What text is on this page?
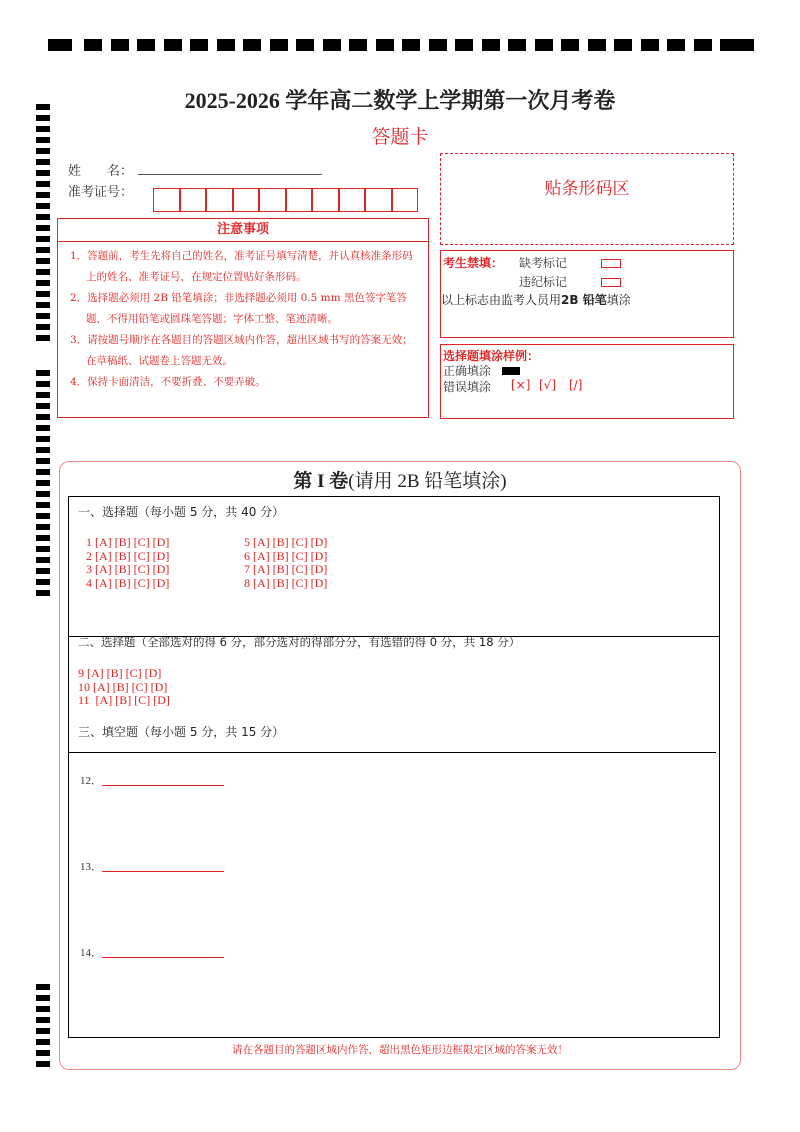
2025-2026 学年高二数学上学期第一次月考卷
答题卡
姓　　名：
准考证号：	贴条形码区
注意事项

1．答题前，考生先将自己的姓名，准考证号填写清楚，并认真核准条形码上的姓名、准考证号，在规定位置贴好条形码。

2．选择题必须用 2B 铅笔填涂；非选择题必须用 0.5 mm 黑色签字笔答题，不得用铅笔或圆珠笔答题；字体工整、笔迹清晰。

3．请按题号顺序在各题目的答题区域内作答，超出区域书写的答案无效；在草稿纸、试题卷上答题无效。

4．保持卡面清洁，不要折叠、不要弄破。

考生禁填： 缺考标记
违纪标记
以上标志由监考人员用2B 铅笔填涂
选择题填涂样例：
正确填涂
错误填涂 [×] [√] [/]
第 I 卷(请用 2B 铅笔填涂)
一、选择题（每小题 5 分，共 40 分）
1 [A] [B] [C] [D]
2 [A] [B] [C] [D]
3 [A] [B] [C] [D]
4 [A] [B] [C] [D]
5 [A] [B] [C] [D]
6 [A] [B] [C] [D]
7 [A] [B] [C] [D]
8 [A] [B] [C] [D]
二、选择题（全部选对的得 6 分，部分选对的得部分分，有选错的得 0 分，共 18 分）
9 [A] [B] [C] [D]
10 [A] [B] [C] [D]
11  [A] [B] [C] [D]
三、填空题（每小题 5 分，共 15 分）
12．
13．
14．
请在各题目的答题区域内作答，超出黑色矩形边框限定区域的答案无效！
